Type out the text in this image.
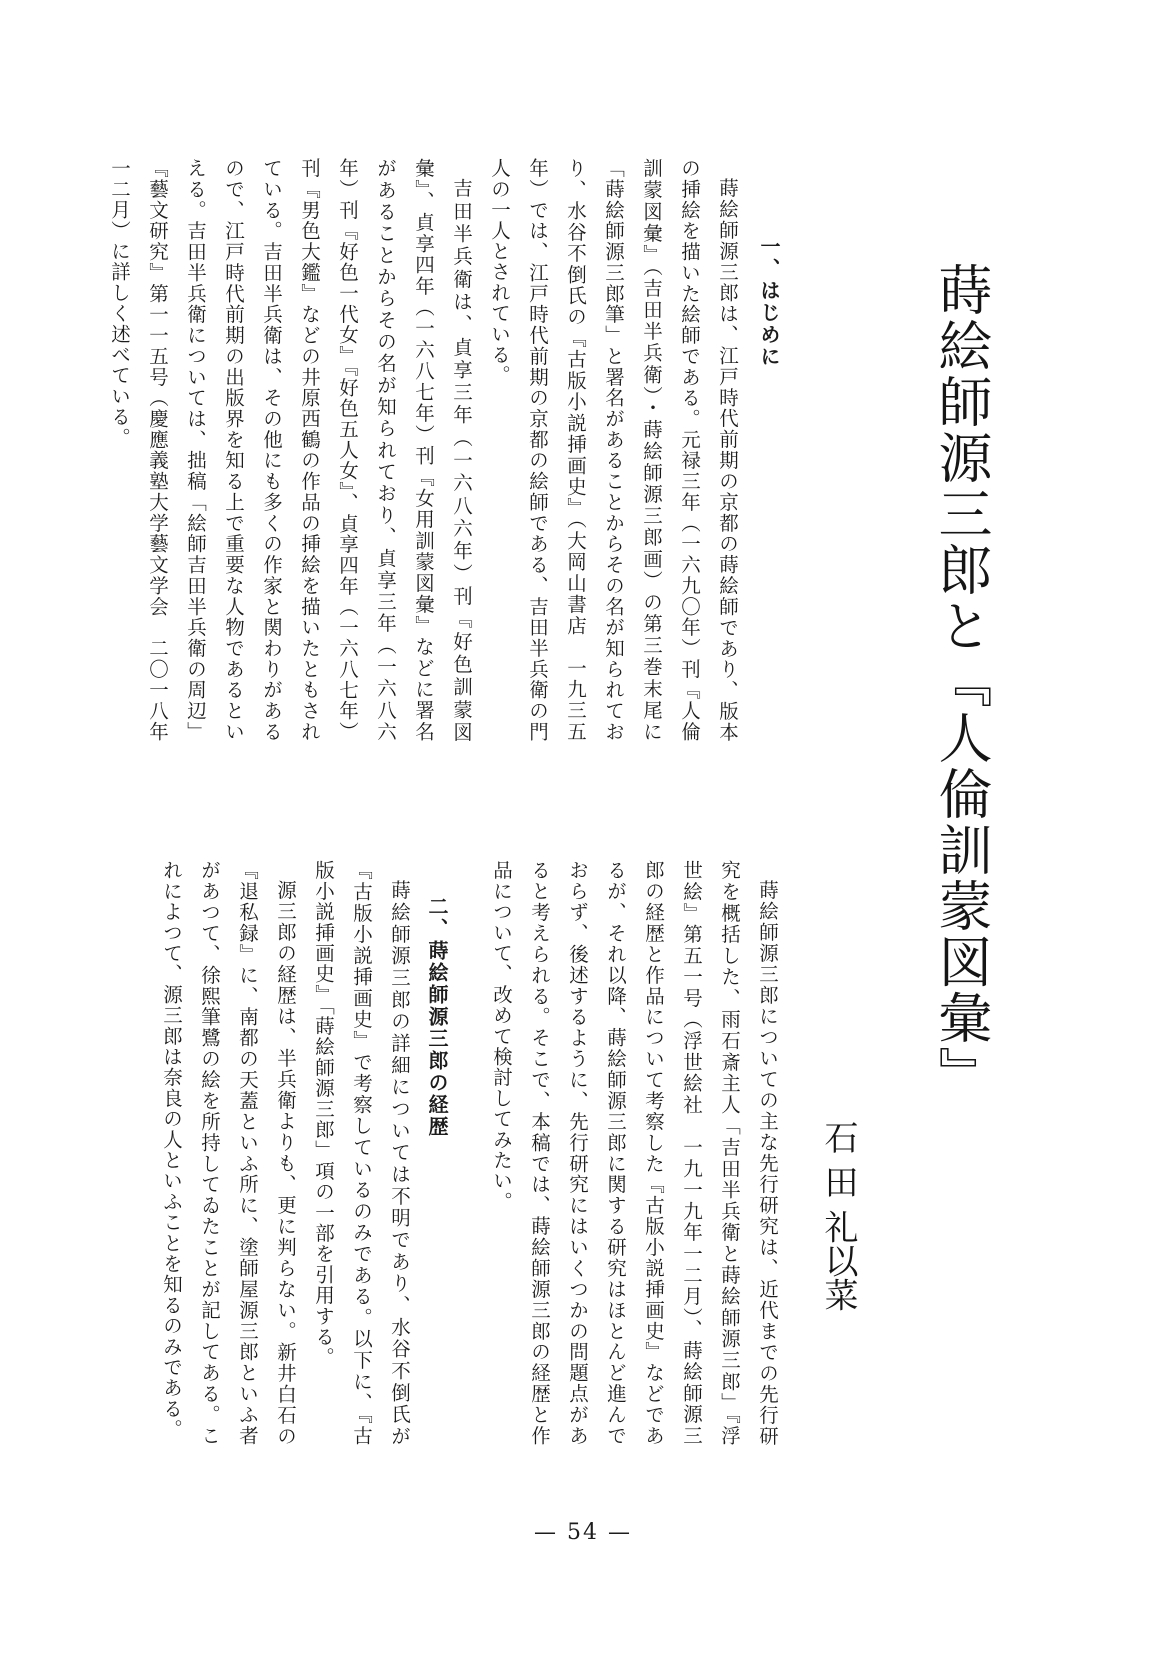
蒔絵師源三郎と『人倫訓蒙図彙』
石 田 礼以菜
一、はじめに

蒔絵師源三郎は、江戸時代前期の京都の蒔絵師であり、版本の挿絵を描いた絵師である。元禄三年（一六九〇年）刊『人倫訓蒙図彙』（吉田半兵衛）・蒔絵師源三郎画）の第三巻末尾に「蒔絵師源三郎筆」と署名があることからその名が知られており、水谷不倒氏の『古版小説挿画史』（大岡山書店　一九三五年）では、江戸時代前期の京都の絵師である、吉田半兵衛の門人の一人とされている。

吉田半兵衛は、貞享三年（一六八六年）刊『好色訓蒙図彙』、貞享四年（一六八七年）刊『女用訓蒙図彙』などに署名があることからその名が知られており、貞享三年（一六八六年）刊『好色一代女』『好色五人女』、貞享四年（一六八七年）刊『男色大鑑』などの井原西鶴の作品の挿絵を描いたともされている。吉田半兵衛は、その他にも多くの作家と関わりがあるので、江戸時代前期の出版界を知る上で重要な人物であるといえる。吉田半兵衛については、拙稿「絵師吉田半兵衛の周辺」『藝文研究』第一一五号（慶應義塾大学藝文学会　二〇一八年一二月）に詳しく述べている。

蒔絵師源三郎についての主な先行研究は、近代までの先行研究を概括した、雨石斎主人「吉田半兵衛と蒔絵師源三郎」『浮世絵』第五一号（浮世絵社　一九一九年一二月）、蒔絵師源三郎の経歴と作品について考察した『古版小説挿画史』などであるが、それ以降、蒔絵師源三郎に関する研究はほとんど進んでおらず、後述するように、先行研究にはいくつかの問題点があると考えられる。そこで、本稿では、蒔絵師源三郎の経歴と作品について、改めて検討してみたい。

二、蒔絵師源三郎の経歴

蒔絵師源三郎の詳細については不明であり、水谷不倒氏が『古版小説挿画史』で考察しているのみである。以下に、『古版小説挿画史』「蒔絵師源三郎」項の一部を引用する。

源三郎の経歴は、半兵衛よりも、更に判らない。新井白石の『退私録』に、南都の天蓋といふ所に、塗師屋源三郎といふ者があつて、徐熙筆鷺の絵を所持してゐたことが記してある。これによつて、源三郎は奈良の人といふことを知るのみである。

— 54 —
